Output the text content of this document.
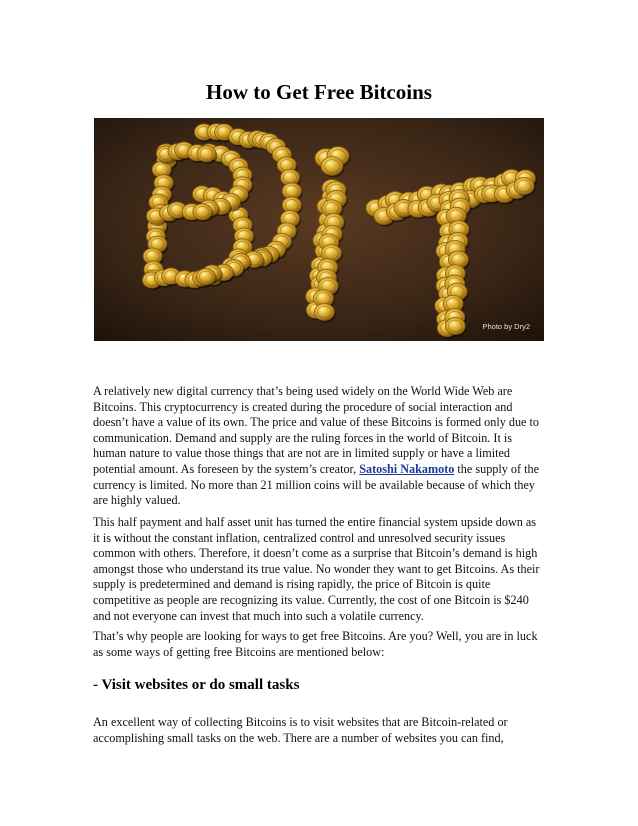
How to Get Free Bitcoins
Photo by Dry2

A relatively new digital currency that’s being used widely on the World Wide Web are Bitcoins. This cryptocurrency is created during the procedure of social interaction and doesn’t have a value of its own. The price and value of these Bitcoins is formed only due to communication. Demand and supply are the ruling forces in the world of Bitcoin. It is human nature to value those things that are not are in limited supply or have a limited potential amount. As foreseen by the system’s creator, Satoshi Nakamoto the supply of the currency is limited. No more than 21 million coins will be available because of which they are highly valued.

This half payment and half asset unit has turned the entire financial system upside down as it is without the constant inflation, centralized control and unresolved security issues common with others. Therefore, it doesn’t come as a surprise that Bitcoin’s demand is high amongst those who understand its true value. No wonder they want to get Bitcoins. As their supply is predetermined and demand is rising rapidly, the price of Bitcoin is quite competitive as people are recognizing its value. Currently, the cost of one Bitcoin is $240 and not everyone can invest that much into such a volatile currency.

That’s why people are looking for ways to get free Bitcoins. Are you? Well, you are in luck as some ways of getting free Bitcoins are mentioned below:

- Visit websites or do small tasks

An excellent way of collecting Bitcoins is to visit websites that are Bitcoin-related or accomplishing small tasks on the web. There are a number of websites you can find,
